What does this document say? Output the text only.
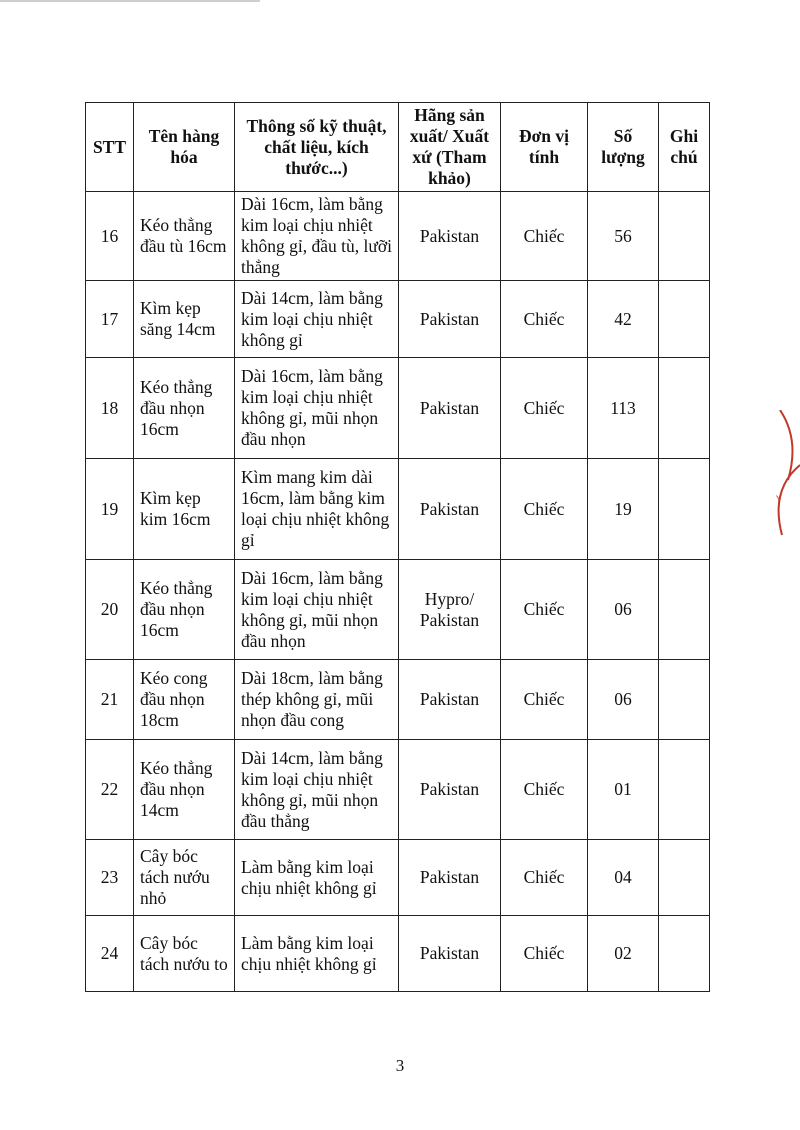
STT	Tên hàng hóa	Thông số kỹ thuật, chất liệu, kích thước...)	Hãng sản xuất/ Xuất xứ (Tham khảo)	Đơn vị tính	Số lượng	Ghi chú
16	Kéo thẳng đầu tù 16cm	Dài 16cm, làm bằng kim loại chịu nhiệt không gỉ, đầu tù, lưỡi thẳng	Pakistan	Chiếc	56	
17	Kìm kẹp săng 14cm	Dài 14cm, làm bằng kim loại chịu nhiệt không gỉ	Pakistan	Chiếc	42	
18	Kéo thẳng đầu nhọn 16cm	Dài 16cm, làm bằng kim loại chịu nhiệt không gỉ, mũi nhọn đầu nhọn	Pakistan	Chiếc	113	
19	Kìm kẹp kim 16cm	Kìm mang kim dài 16cm, làm bằng kim loại chịu nhiệt không gỉ	Pakistan	Chiếc	19	
20	Kéo thẳng đầu nhọn 16cm	Dài 16cm, làm bằng kim loại chịu nhiệt không gỉ, mũi nhọn đầu nhọn	Hypro/ Pakistan	Chiếc	06	
21	Kéo cong đầu nhọn 18cm	Dài 18cm, làm bằng thép không gỉ, mũi nhọn đầu cong	Pakistan	Chiếc	06	
22	Kéo thẳng đầu nhọn 14cm	Dài 14cm, làm bằng kim loại chịu nhiệt không gỉ, mũi nhọn đầu thẳng	Pakistan	Chiếc	01	
23	Cây bóc tách nướu nhỏ	Làm bằng kim loại chịu nhiệt không gỉ	Pakistan	Chiếc	04	
24	Cây bóc tách nướu to	Làm bằng kim loại chịu nhiệt không gỉ	Pakistan	Chiếc	02	
Y
3
